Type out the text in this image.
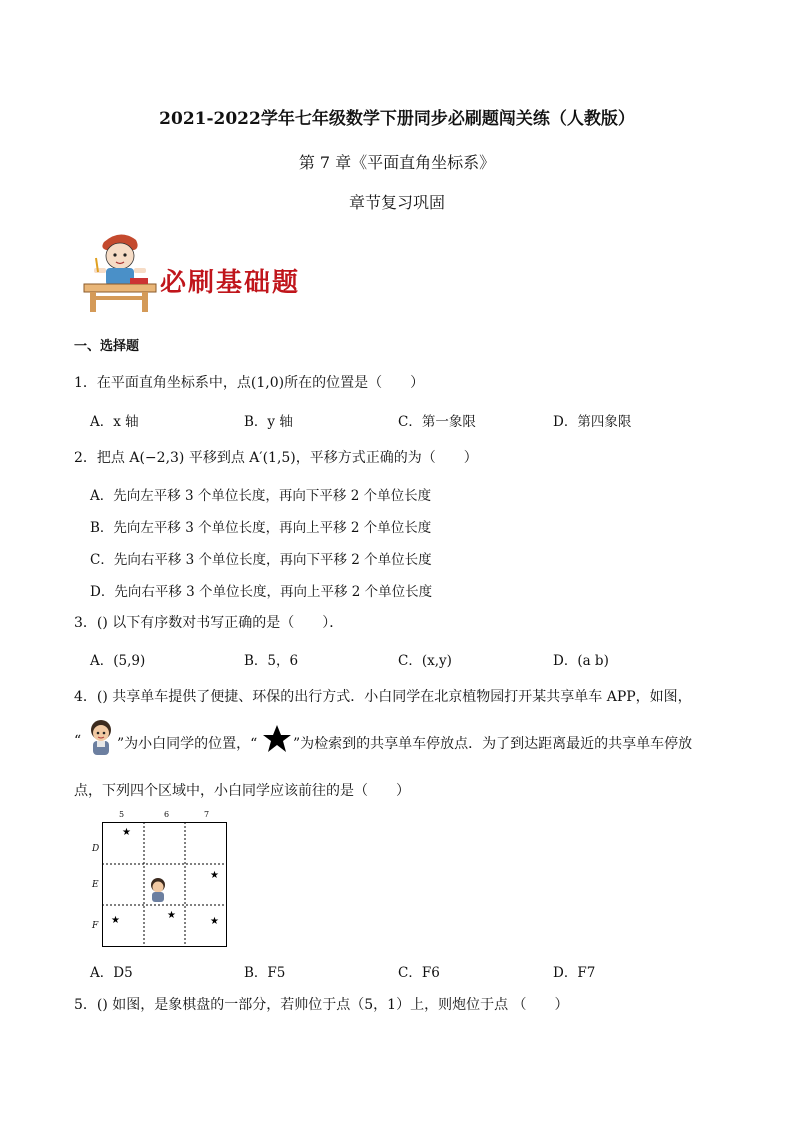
2021-2022学年七年级数学下册同步必刷题闯关练（人教版）
第 7 章《平面直角坐标系》
章节复习巩固
必刷基础题
一、选择题
1．在平面直角坐标系中，点(1,0)所在的位置是（　　）
A．x 轴	B．y 轴	C．第一象限	D．第四象限
2．把点 A(−2,3) 平移到点 A′(1,5)，平移方式正确的为（　　）
A．先向左平移 3 个单位长度，再向下平移 2 个单位长度
B．先向左平移 3 个单位长度，再向上平移 2 个单位长度
C．先向右平移 3 个单位长度，再向下平移 2 个单位长度
D．先向右平移 3 个单位长度，再向上平移 2 个单位长度
3．() 以下有序数对书写正确的是（　　）．
A．(5,9)	B．5，6	C．(x,y)	D．(a b)
4．() 共享单车提供了便捷、环保的出行方式．小白同学在北京植物园打开某共享单车 APP，如图，
“	”为小白同学的位置，“	”为检索到的共享单车停放点．为了到达距离最近的共享单车停放
点，下列四个区域中，小白同学应该前往的是（　　）
5	6	7
D
E
F
★
★
★	★
★
A．D5	B．F5	C．F6	D．F7
5．() 如图，是象棋盘的一部分，若帅位于点（5，1）上，则炮位于点 （　　）
